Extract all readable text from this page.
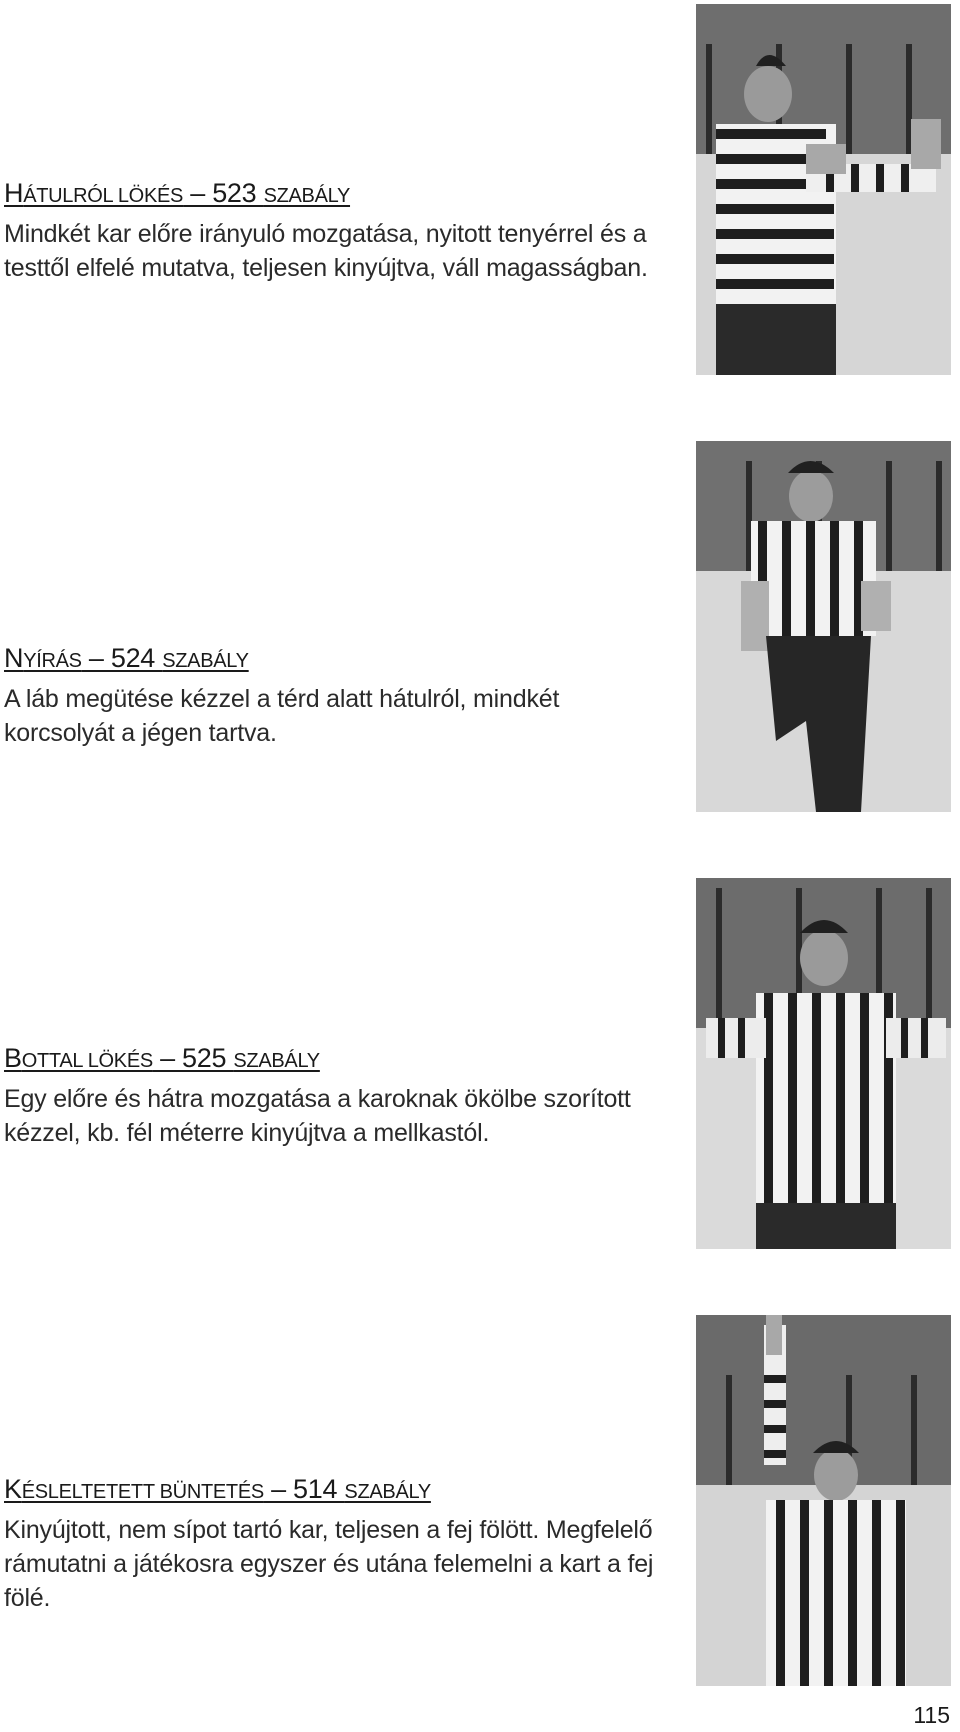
HÁTULRÓL LÖKÉS – 523 SZABÁLY

Mindkét kar előre irányuló mozgatása, nyitott tenyérrel és a testtől elfelé mutatva, teljesen kinyújtva, váll magasságban.

NYÍRÁS – 524 SZABÁLY

A láb megütése kézzel a térd alatt hátulról, mindkét korcsolyát a jégen tartva.

BOTTAL LÖKÉS – 525 SZABÁLY

Egy előre és hátra mozgatása a karoknak ökölbe szorított kézzel, kb. fél méterre kinyújtva a mellkastól.

KÉSLELTETETT BÜNTETÉS – 514 SZABÁLY

Kinyújtott, nem sípot tartó kar, teljesen a fej fölött. Megfelelő rámutatni a játékosra egyszer és utána felemelni a kart a fej fölé.

115
